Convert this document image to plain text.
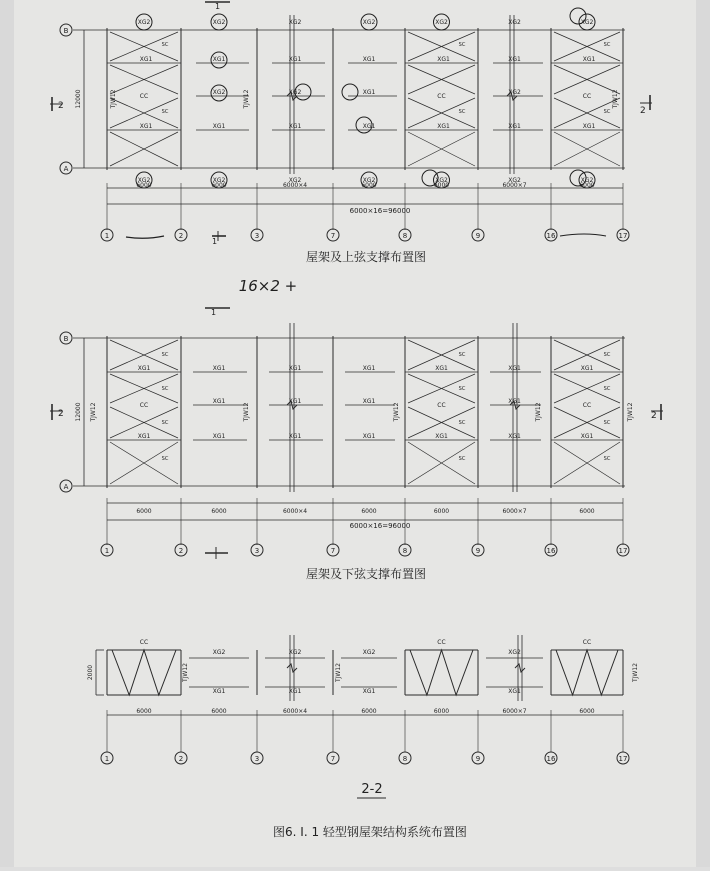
B
A
12000	TJW12	TJW12	TJW12
XG1
XG1
CC
SC
SC
XG2
XG2
XG1
XG2
XG1
XG2
XG2
XG1
XG2
XG1
XG2
XG2
XG1
XG1
XG1
XG2
XG2
XG1
XG1
CC
SC
SC
XG2
XG2
XG1
XG2
XG1
XG2
XG2
XG1
XG1
CC
SC
SC
XG2
XG2
6000	6000	6000×4	6000	6000	6000×7	6000
1	2	3	7	8	9	16	17
B
A
12000 TJW12	TJW12	TJW12	TJW12	TJW12
XG1
XG1
CC
SC
SC
SC
SC
XG1
XG1
XG1
XG1
XG1
XG1
XG1
XG1
XG1
XG1
XG1
CC
SC
SC
SC
SC
XG1
XG1
XG1
XG1
XG1
CC
SC
SC
SC
SC
6000	6000	6000×4	6000	6000	6000×7	6000
1	2	3	7	8	9	16	17
2000	TJW12	TJW12	TJW12
CC
XG2
XG1
XG2
XG1
XG2
XG1
CC
XG2
XG1
CC
6000	6000	6000×4	6000	6000	6000×7	6000
1	2	3	7	8	9	16	17
屋架及上弦支撑布置图
6000×16=96000
16×2 +
屋架及下弦支撑布置图
6000×16=96000
2-2
图6. I. 1 轻型钢屋架结构系统布置图
2	2
1
1
2	2
1
